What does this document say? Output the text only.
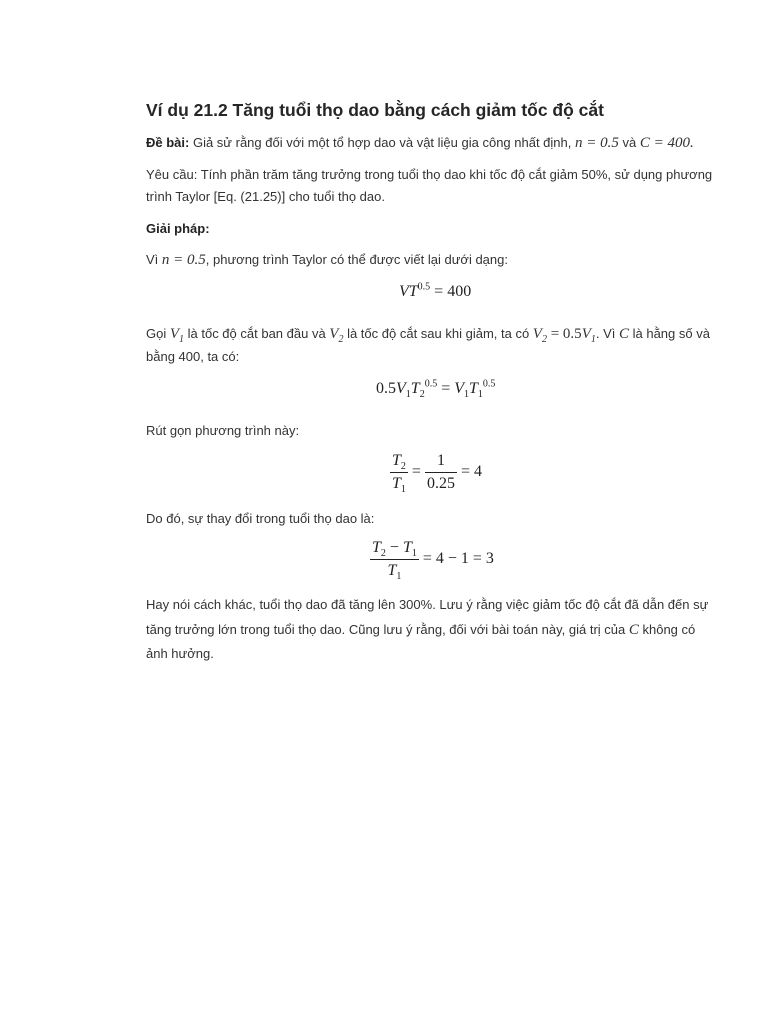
Ví dụ 21.2 Tăng tuổi thọ dao bằng cách giảm tốc độ cắt

Đề bài: Giả sử rằng đối với một tổ hợp dao và vật liệu gia công nhất định, n = 0.5 và C = 400.

Yêu cầu: Tính phần trăm tăng trưởng trong tuổi thọ dao khi tốc độ cắt giảm 50%, sử dụng phương

trình Taylor [Eq. (21.25)] cho tuổi thọ dao.

Giải pháp:

Vì n = 0.5, phương trình Taylor có thể được viết lại dưới dạng:

$VT^{0.5} = 400$

Gọi $V_1$ là tốc độ cắt ban đầu và $V_2$ là tốc độ cắt sau khi giảm, ta có $V_2 = 0.5V_1$. Vì C là hằng số và

bằng 400, ta có:

$0.5V_1T_2^{0.5} = V_1T_1^{0.5}$

Rút gọn phương trình này:

$\frac{T_2}{T_1} = \frac{1}{0.25} = 4$

Do đó, sự thay đổi trong tuổi thọ dao là:

$\frac{T_2 - T_1}{T_1} = 4 - 1 = 3$

Hay nói cách khác, tuổi thọ dao đã tăng lên 300%. Lưu ý rằng việc giảm tốc độ cắt đã dẫn đến sự

tăng trưởng lớn trong tuổi thọ dao. Cũng lưu ý rằng, đối với bài toán này, giá trị của C không có

ảnh hưởng.
